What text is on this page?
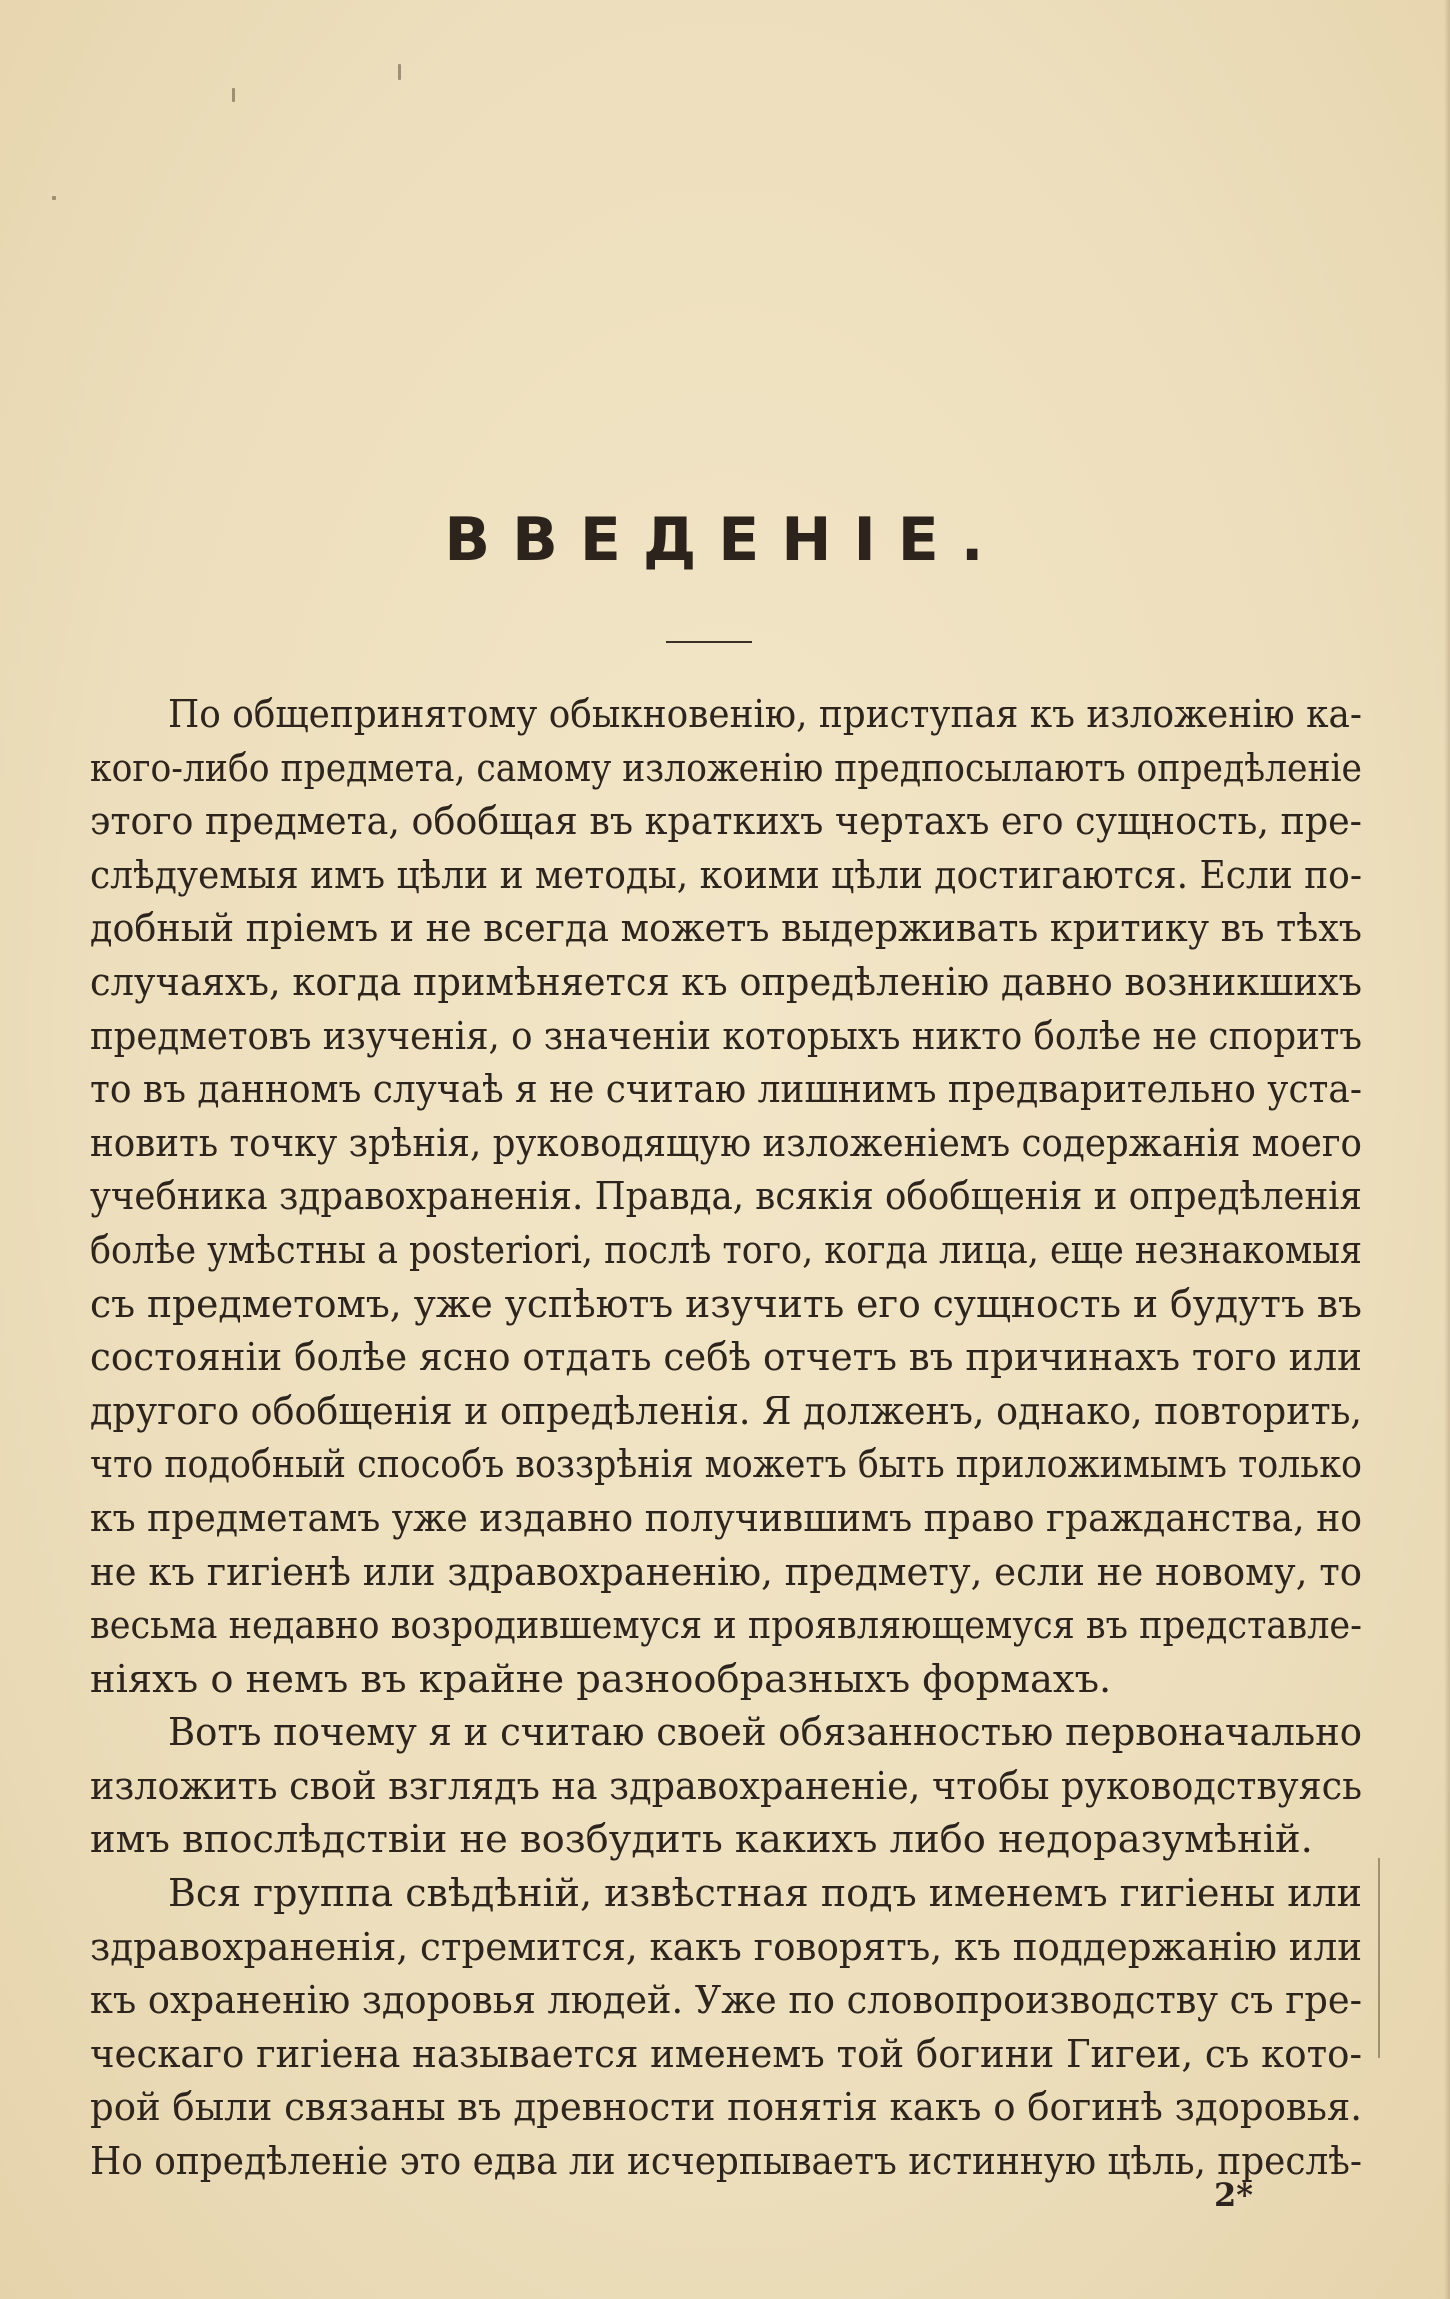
ВВЕДЕНІЕ.
По общепринятому обыкновенію, приступая къ изложенію ка-
кого-либо предмета, самому изложенію предпосылаютъ опредѣленіе
этого предмета, обобщая въ краткихъ чертахъ его сущность, пре-
слѣдуемыя имъ цѣли и методы, коими цѣли достигаются. Если по-
добный пріемъ и не всегда можетъ выдерживать критику въ тѣхъ
случаяхъ, когда примѣняется къ опредѣленію давно возникшихъ
предметовъ изученія, о значеніи которыхъ никто болѣе не споритъ
то въ данномъ случаѣ я не считаю лишнимъ предварительно уста-
новить точку зрѣнія, руководящую изложеніемъ содержанія моего
учебника здравохраненія. Правда, всякія обобщенія и опредѣленія
болѣе умѣстны a posteriori, послѣ того, когда лица, еще незнакомыя
съ предметомъ, уже успѣютъ изучить его сущность и будутъ въ
состояніи болѣе ясно отдать себѣ отчетъ въ причинахъ того или
другого обобщенія и опредѣленія. Я долженъ, однако, повторить,
что подобный способъ воззрѣнія можетъ быть приложимымъ только
къ предметамъ уже издавно получившимъ право гражданства, но
не къ гигіенѣ или здравохраненію, предмету, если не новому, то
весьма недавно возродившемуся и проявляющемуся въ представле-
ніяхъ о немъ въ крайне разнообразныхъ формахъ.
Вотъ почему я и считаю своей обязанностью первоначально
изложить свой взглядъ на здравохраненіе, чтобы руководствуясь
имъ впослѣдствіи не возбудить какихъ либо недоразумѣній.
Вся группа свѣдѣній, извѣстная подъ именемъ гигіены или
здравохраненія, стремится, какъ говорятъ, къ поддержанію или
къ охраненію здоровья людей. Уже по словопроизводству съ гре-
ческаго гигіена называется именемъ той богини Гигеи, съ кото-
рой были связаны въ древности понятія какъ о богинѣ здоровья.
Но опредѣленіе это едва ли исчерпываетъ истинную цѣль, преслѣ-
2*
